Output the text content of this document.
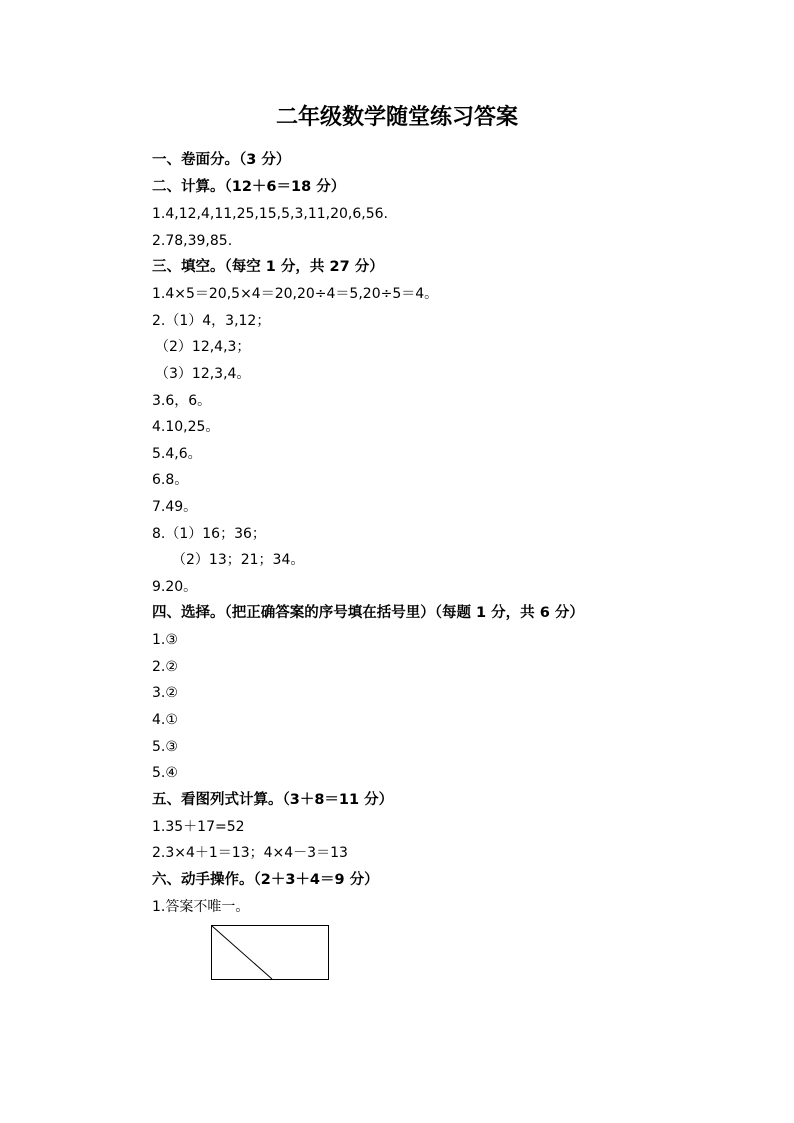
二年级数学随堂练习答案
一、卷面分。（3 分）
二、计算。（12＋6＝18 分）
1.4,12,4,11,25,15,5,3,11,20,6,56.
2.78,39,85.
三、填空。（每空 1 分，共 27 分）
1.4×5＝20,5×4＝20,20÷4＝5,20÷5＝4。
2.（1）4，3,12；
（2）12,4,3；
（3）12,3,4。
3.6，6。
4.10,25。
5.4,6。
6.8。
7.49。
8.（1）16；36；
（2）13；21；34。
9.20。
四、选择。（把正确答案的序号填在括号里）（每题 1 分，共 6 分）
1.③
2.②
3.②
4.①
5.③
5.④
五、看图列式计算。（3＋8＝11 分）
1.35＋17=52
2.3×4＋1＝13；4×4－3＝13
六、动手操作。（2＋3＋4＝9 分）
1.答案不唯一。
